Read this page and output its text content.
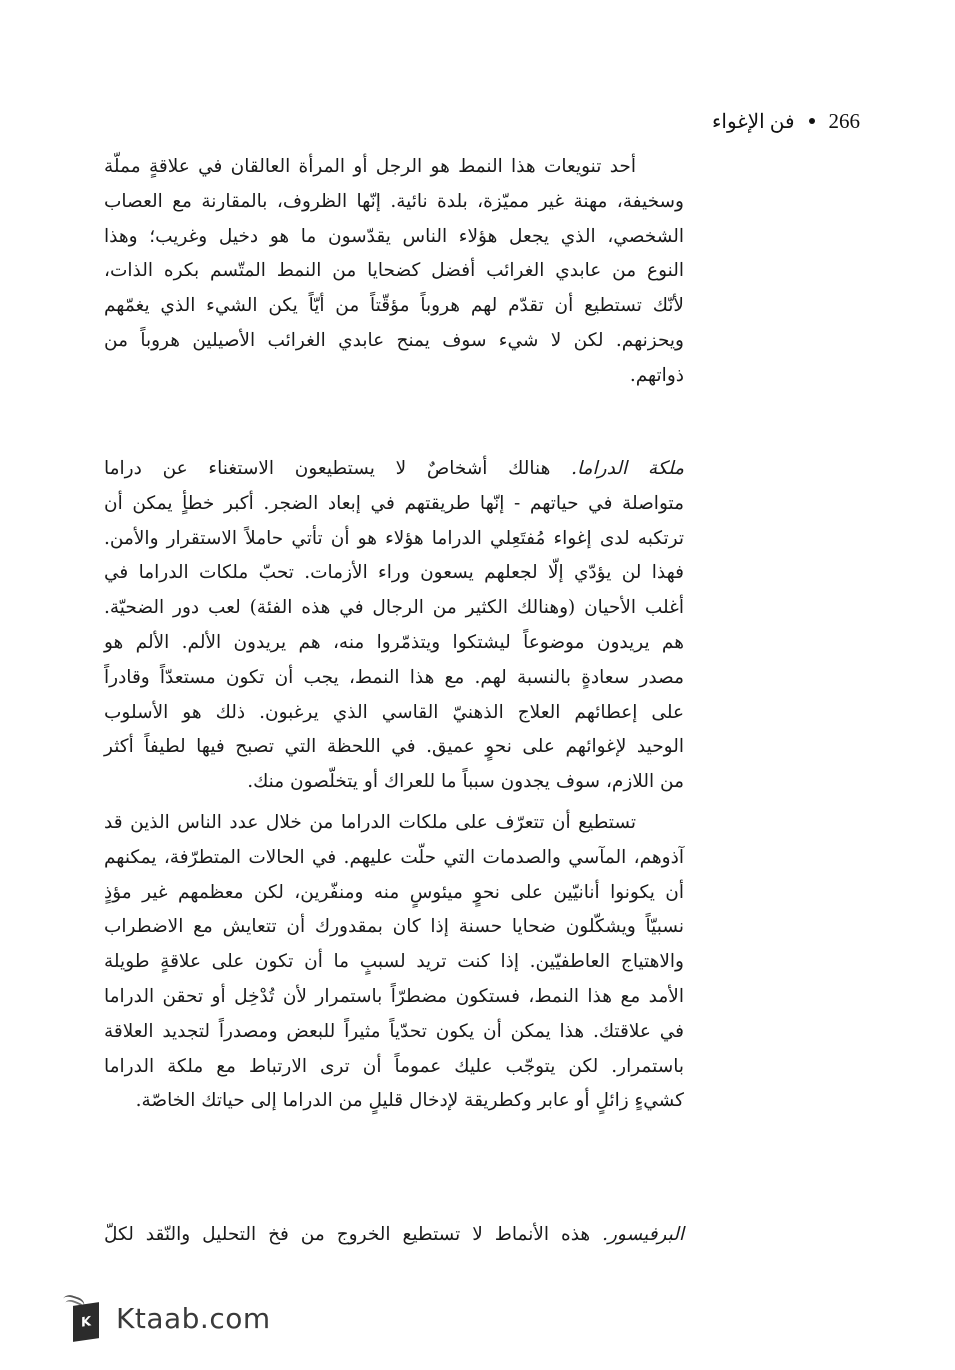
266
فن الإغواء
أحد تنويعات هذا النمط هو الرجل أو المرأة العالقان في علاقةٍ مملّة
وسخيفة، مهنة غير مميّزة، بلدة نائية. إنّها الظروف، بالمقارنة مع العصاب
الشخصي، الذي يجعل هؤلاء الناس يقدّسون ما هو دخيل وغريب؛ وهذا
النوع من عابدي الغرائب أفضل كضحايا من النمط المتّسم بكره الذات،
لأنّك تستطيع أن تقدّم لهم هروباً مؤقّتاً من أيّاً يكن الشيء الذي يغمّهم
ويحزنهم. لكن لا شيء سوف يمنح عابدي الغرائب الأصيلين هروباً من
ذواتهم.
ملكة الدراما. هنالك أشخاصٌ لا يستطيعون الاستغناء عن دراما
متواصلة في حياتهم - إنّها طريقتهم في إبعاد الضجر. أكبر خطأٍ يمكن أن
ترتكبه لدى إغواء مُفتَعِلي الدراما هؤلاء هو أن تأتي حاملاً الاستقرار والأمن.
فهذا لن يؤدّي إلّا لجعلهم يسعون وراء الأزمات. تحبّ ملكات الدراما في
أغلب الأحيان (وهنالك الكثير من الرجال في هذه الفئة) لعب دور الضحيّة.
هم يريدون موضوعاً ليشتكوا ويتذمّروا منه، هم يريدون الألم. الألم هو
مصدر سعادةٍ بالنسبة لهم. مع هذا النمط، يجب أن تكون مستعدّاً وقادراً
على إعطائهم العلاج الذهنيّ القاسي الذي يرغبون. ذلك هو الأسلوب
الوحيد لإغوائهم على نحوٍ عميق. في اللحظة التي تصبح فيها لطيفاً أكثر
من اللازم، سوف يجدون سبباً ما للعراك أو يتخلّصون منك.
تستطيع أن تتعرّف على ملكات الدراما من خلال عدد الناس الذين قد
آذوهم، المآسي والصدمات التي حلّت عليهم. في الحالات المتطرّفة، يمكنهم
أن يكونوا أنانيّين على نحوٍ ميئوسٍ منه ومنفّرين، لكن معظمهم غير مؤذٍ
نسبيّاً ويشكّلون ضحايا حسنة إذا كان بمقدورك أن تتعايش مع الاضطراب
والاهتياج العاطفيّين. إذا كنت تريد لسببٍ ما أن تكون على علاقةٍ طويلة
الأمد مع هذا النمط، فستكون مضطرّاً باستمرار لأن تُدْخِل أو تحقن الدراما
في علاقتك. هذا يمكن أن يكون تحدّياً مثيراً للبعض ومصدراً لتجديد العلاقة
باستمرار. لكن يتوجّب عليك عموماً أن ترى الارتباط مع ملكة الدراما
كشيءٍ زائلٍ أو عابر وكطريقة لإدخال قليلٍ من الدراما إلى حياتك الخاصّة.
البرفيسور. هذه الأنماط لا تستطيع الخروج من فخ التحليل والنّقد لكلّ
K Ktaab.com
